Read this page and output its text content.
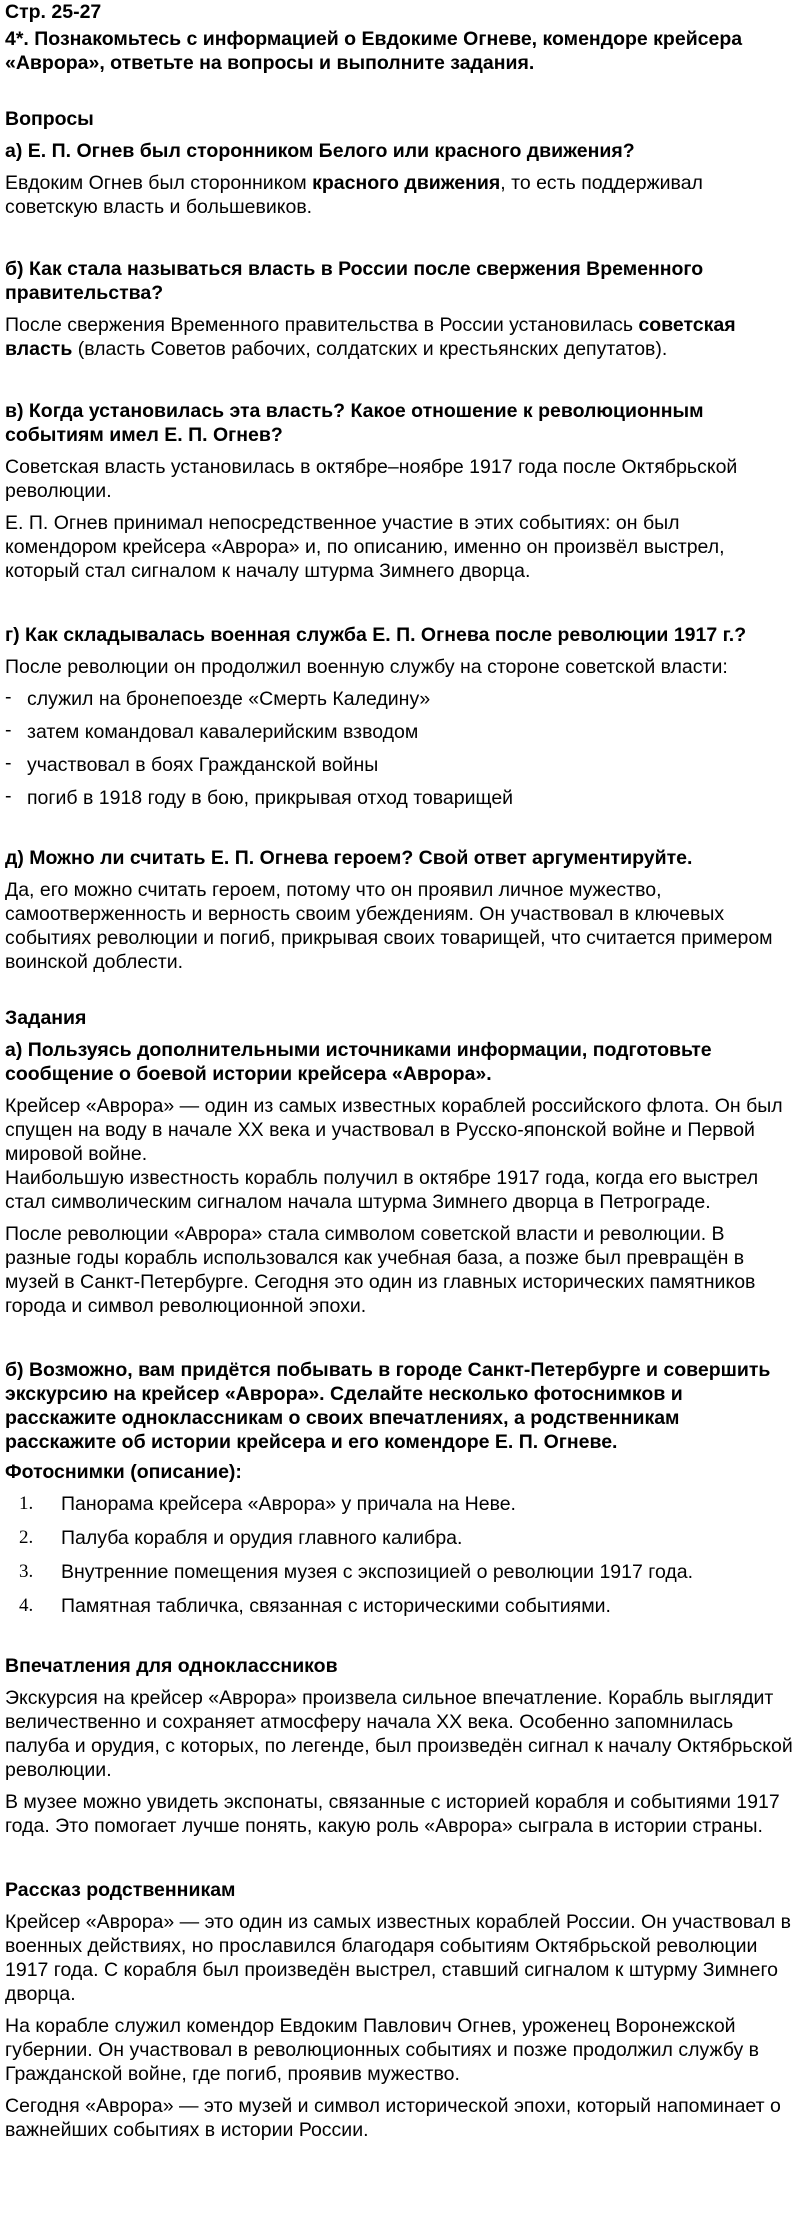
Стр. 25-27

4*. Познакомьтесь с информацией о Евдокиме Огневе, комендоре крейсера «Аврора», ответьте на вопросы и выполните задания.

Вопросы

а) Е. П. Огнев был сторонником Белого или красного движения?

Евдоким Огнев был сторонником красного движения, то есть поддерживал советскую власть и большевиков.

б) Как стала называться власть в России после свержения Временного правительства?

После свержения Временного правительства в России установилась советская власть (власть Советов рабочих, солдатских и крестьянских депутатов).

в) Когда установилась эта власть? Какое отношение к революционным событиям имел Е. П. Огнев?

Советская власть установилась в октябре–ноябре 1917 года после Октябрьской революции.

Е. П. Огнев принимал непосредственное участие в этих событиях: он был комендором крейсера «Аврора» и, по описанию, именно он произвёл выстрел, который стал сигналом к началу штурма Зимнего дворца.

г) Как складывалась военная служба Е. П. Огнева после революции 1917 г.?

После революции он продолжил военную службу на стороне советской власти:

- служил на бронепоезде «Смерть Каледину»
- затем командовал кавалерийским взводом
- участвовал в боях Гражданской войны
- погиб в 1918 году в бою, прикрывая отход товарищей

д) Можно ли считать Е. П. Огнева героем? Свой ответ аргументируйте.

Да, его можно считать героем, потому что он проявил личное мужество, самоотверженность и верность своим убеждениям. Он участвовал в ключевых событиях революции и погиб, прикрывая своих товарищей, что считается примером воинской доблести.

Задания

а) Пользуясь дополнительными источниками информации, подготовьте сообщение о боевой истории крейсера «Аврора».

Крейсер «Аврора» — один из самых известных кораблей российского флота. Он был спущен на воду в начале XX века и участвовал в Русско-японской войне и Первой мировой войне.

Наибольшую известность корабль получил в октябре 1917 года, когда его выстрел стал символическим сигналом начала штурма Зимнего дворца в Петрограде.

После революции «Аврора» стала символом советской власти и революции. В разные годы корабль использовался как учебная база, а позже был превращён в музей в Санкт-Петербурге. Сегодня это один из главных исторических памятников города и символ революционной эпохи.

б) Возможно, вам придётся побывать в городе Санкт-Петербурге и совершить экскурсию на крейсер «Аврора». Сделайте несколько фотоснимков и расскажите одноклассникам о своих впечатлениях, а родственникам расскажите об истории крейсера и его комендоре Е. П. Огневе.

Фотоснимки (описание):

1. Панорама крейсера «Аврора» у причала на Неве.
2. Палуба корабля и орудия главного калибра.
3. Внутренние помещения музея с экспозицией о революции 1917 года.
4. Памятная табличка, связанная с историческими событиями.

Впечатления для одноклассников

Экскурсия на крейсер «Аврора» произвела сильное впечатление. Корабль выглядит величественно и сохраняет атмосферу начала XX века. Особенно запомнилась палуба и орудия, с которых, по легенде, был произведён сигнал к началу Октябрьской революции.

В музее можно увидеть экспонаты, связанные с историей корабля и событиями 1917 года. Это помогает лучше понять, какую роль «Аврора» сыграла в истории страны.

Рассказ родственникам

Крейсер «Аврора» — это один из самых известных кораблей России. Он участвовал в военных действиях, но прославился благодаря событиям Октябрьской революции 1917 года. С корабля был произведён выстрел, ставший сигналом к штурму Зимнего дворца.

На корабле служил комендор Евдоким Павлович Огнев, уроженец Воронежской губернии. Он участвовал в революционных событиях и позже продолжил службу в Гражданской войне, где погиб, проявив мужество.

Сегодня «Аврора» — это музей и символ исторической эпохи, который напоминает о важнейших событиях в истории России.
